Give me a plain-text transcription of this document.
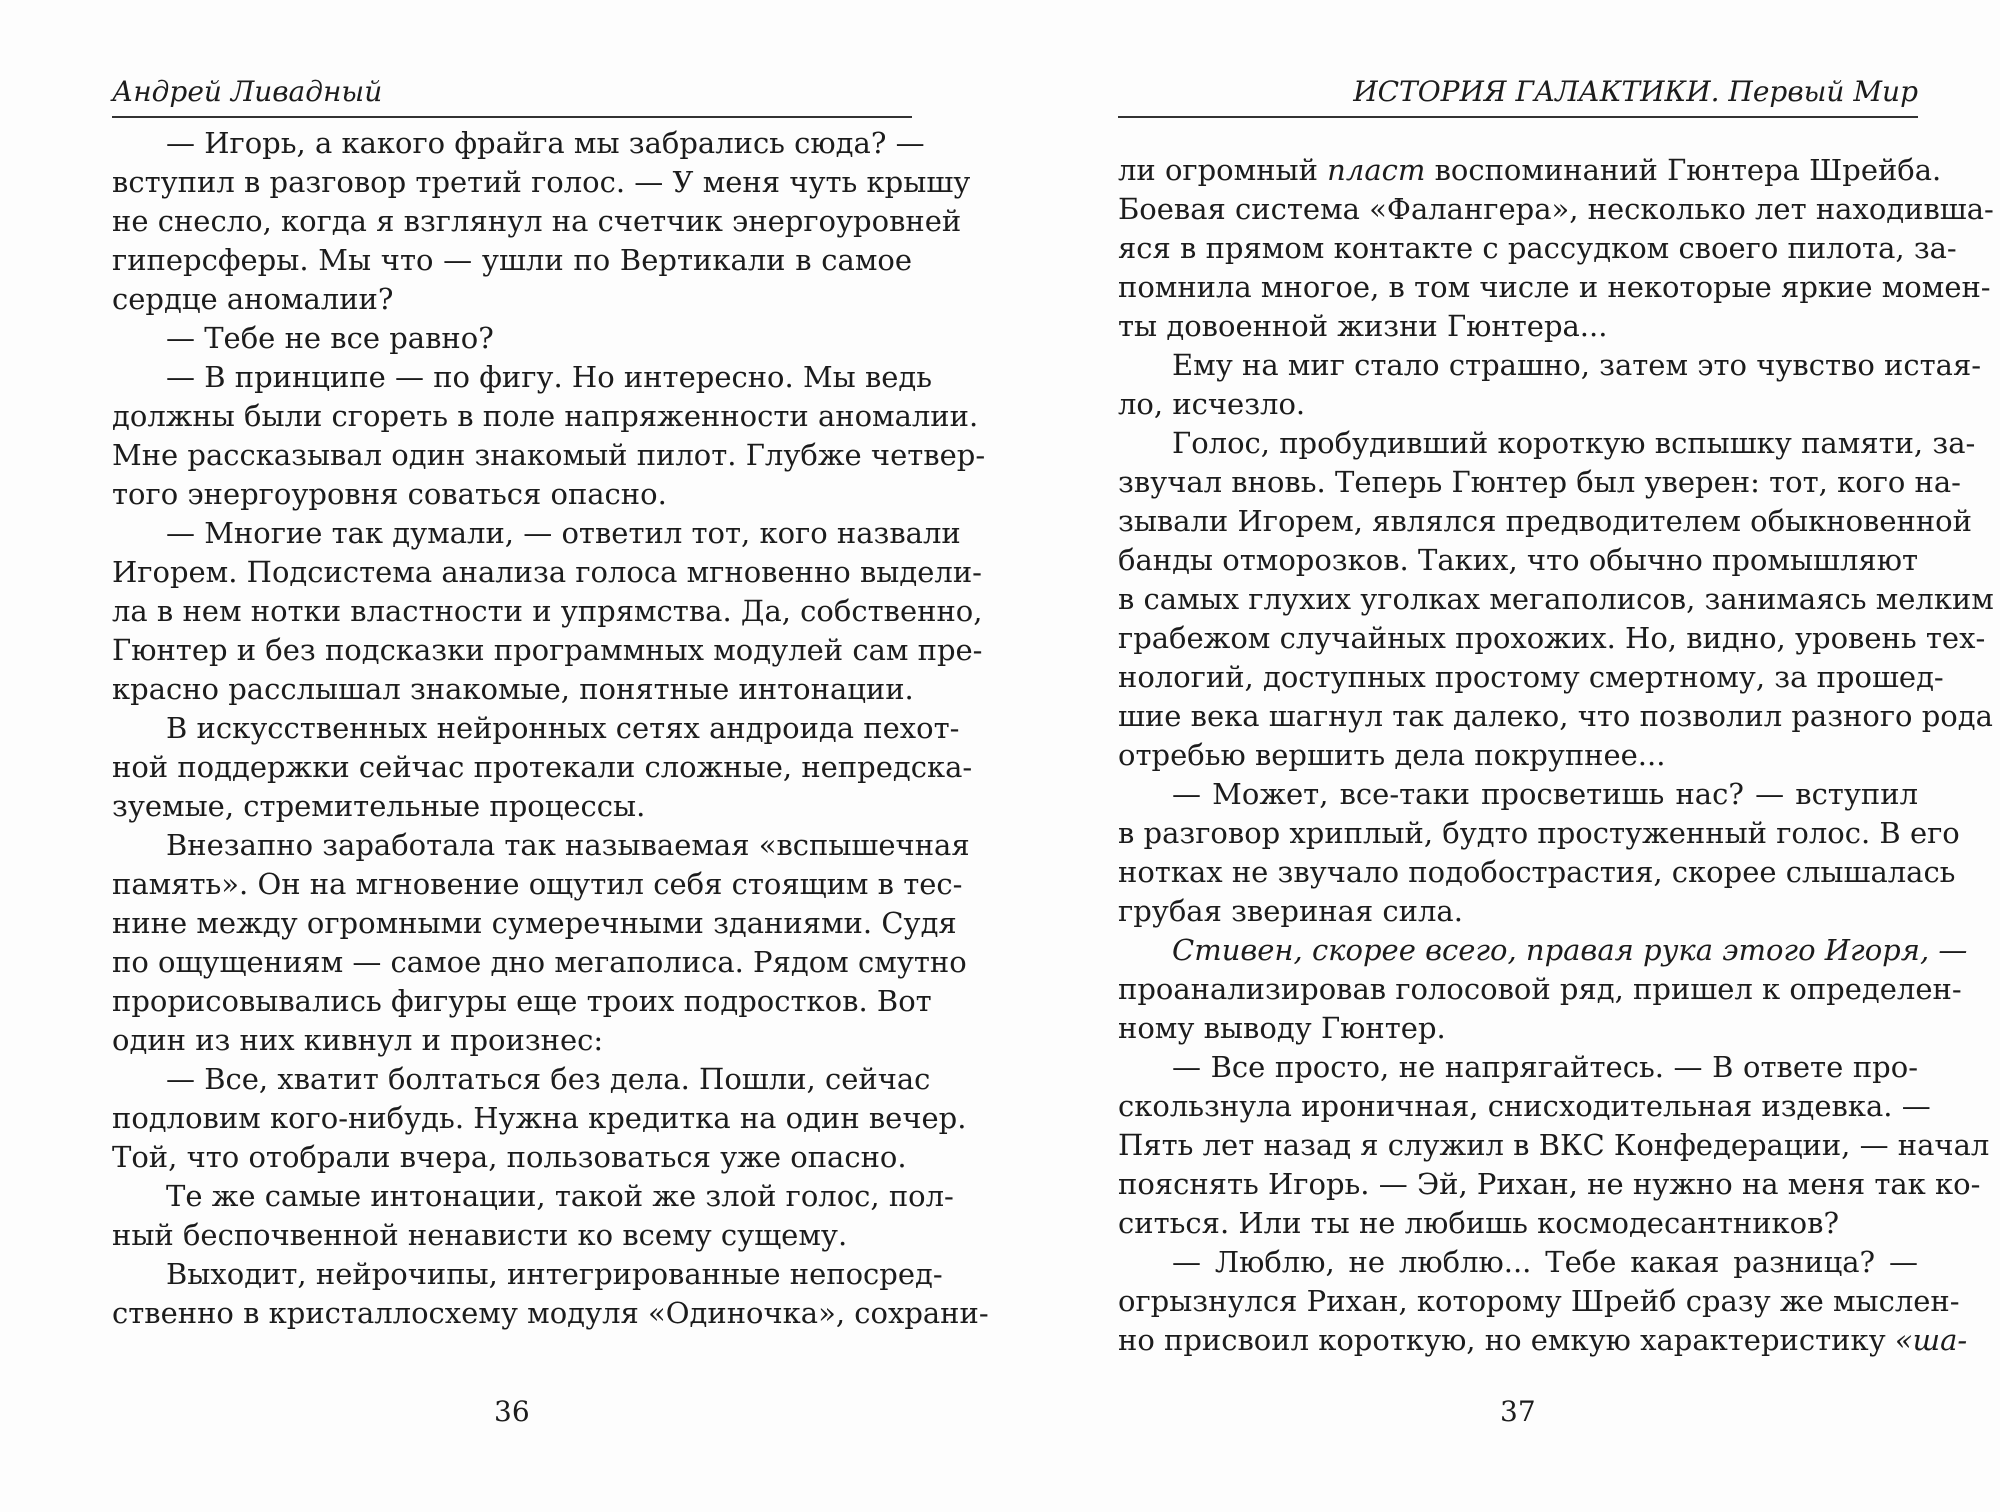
Андрей Ливадный
— Игорь, а какого фрайга мы забрались сюда? —
вступил в разговор третий голос. — У меня чуть крышу
не снесло, когда я взглянул на счетчик энергоуровней
гиперсферы. Мы что — ушли по Вертикали в самое
сердце аномалии?
— Тебе не все равно?
— В принципе — по фигу. Но интересно. Мы ведь
должны были сгореть в поле напряженности аномалии.
Мне рассказывал один знакомый пилот. Глубже четвер-
того энергоуровня соваться опасно.
— Многие так думали, — ответил тот, кого назвали
Игорем. Подсистема анализа голоса мгновенно выдели-
ла в нем нотки властности и упрямства. Да, собственно,
Гюнтер и без подсказки программных модулей сам пре-
красно расслышал знакомые, понятные интонации.
В искусственных нейронных сетях андроида пехот-
ной поддержки сейчас протекали сложные, непредска-
зуемые, стремительные процессы.
Внезапно заработала так называемая «вспышечная
память». Он на мгновение ощутил себя стоящим в тес-
нине между огромными сумеречными зданиями. Судя
по ощущениям — самое дно мегаполиса. Рядом смутно
прорисовывались фигуры еще троих подростков. Вот
один из них кивнул и произнес:
— Все, хватит болтаться без дела. Пошли, сейчас
подловим кого-нибудь. Нужна кредитка на один вечер.
Той, что отобрали вчера, пользоваться уже опасно.
Те же самые интонации, такой же злой голос, пол-
ный беспочвенной ненависти ко всему сущему.
Выходит, нейрочипы, интегрированные непосред-
ственно в кристаллосхему модуля «Одиночка», сохрани-
36
ИСТОРИЯ ГАЛАКТИКИ. Первый Мир
ли огромный пласт воспоминаний Гюнтера Шрейба.
Боевая система «Фалангера», несколько лет находивша-
яся в прямом контакте с рассудком своего пилота, за-
помнила многое, в том числе и некоторые яркие момен-
ты довоенной жизни Гюнтера...
Ему на миг стало страшно, затем это чувство истая-
ло, исчезло.
Голос, пробудивший короткую вспышку памяти, за-
звучал вновь. Теперь Гюнтер был уверен: тот, кого на-
зывали Игорем, являлся предводителем обыкновенной
банды отморозков. Таких, что обычно промышляют
в самых глухих уголках мегаполисов, занимаясь мелким
грабежом случайных прохожих. Но, видно, уровень тех-
нологий, доступных простому смертному, за прошед-
шие века шагнул так далеко, что позволил разного рода
отребью вершить дела покрупнее...
— Может, все-таки просветишь нас? — вступил
в разговор хриплый, будто простуженный голос. В его
нотках не звучало подобострастия, скорее слышалась
грубая звериная сила.
Стивен, скорее всего, правая рука этого Игоря, —
проанализировав голосовой ряд, пришел к определен-
ному выводу Гюнтер.
— Все просто, не напрягайтесь. — В ответе про-
скользнула ироничная, снисходительная издевка. —
Пять лет назад я служил в ВКС Конфедерации, — начал
пояснять Игорь. — Эй, Рихан, не нужно на меня так ко-
ситься. Или ты не любишь космодесантников?
— Люблю, не люблю... Тебе какая разница? —
огрызнулся Рихан, которому Шрейб сразу же мыслен-
но присвоил короткую, но емкую характеристику «ша-
37
